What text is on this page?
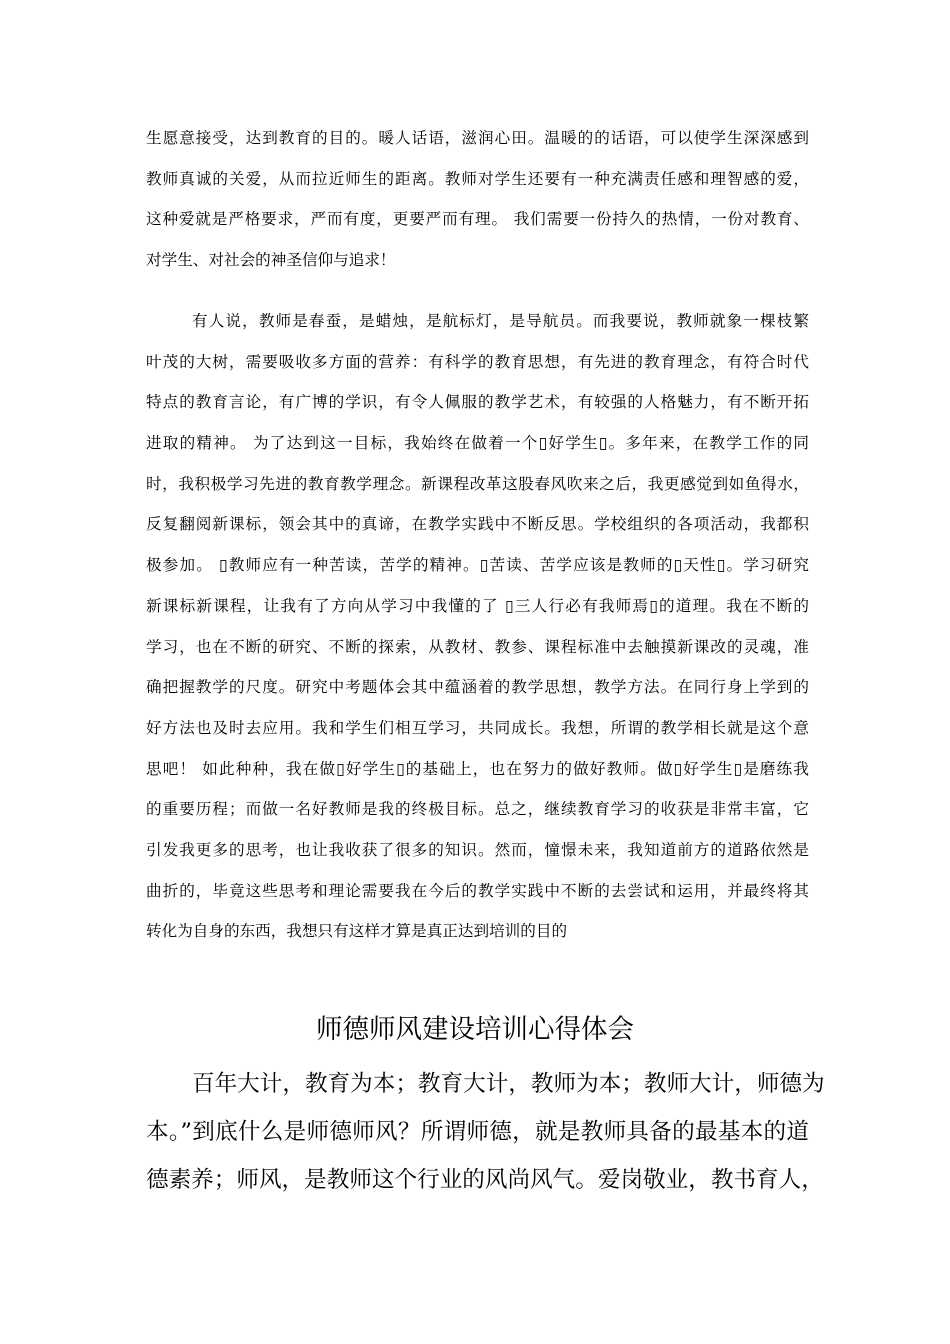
生愿意接受，达到教育的目的。暖人话语，滋润心田。温暖的的话语，可以使学生深深感到
教师真诚的关爱，从而拉近师生的距离。教师对学生还要有一种充满责任感和理智感的爱，
这种爱就是严格要求，严而有度，更要严而有理。 我们需要一份持久的热情，一份对教育、
对学生、对社会的神圣信仰与追求！
有人说，教师是春蚕，是蜡烛，是航标灯，是导航员。而我要说，教师就象一棵枝繁
叶茂的大树，需要吸收多方面的营养：有科学的教育思想，有先进的教育理念，有符合时代
特点的教育言论，有广博的学识，有令人佩服的教学艺术，有较强的人格魅力，有不断开拓
进取的精神。 为了达到这一目标，我始终在做着一个▯好学生▯。多年来，在教学工作的同
时，我积极学习先进的教育教学理念。新课程改革这股春风吹来之后，我更感觉到如鱼得水，
反复翻阅新课标，领会其中的真谛，在教学实践中不断反思。学校组织的各项活动，我都积
极参加。 ▯教师应有一种苦读，苦学的精神。▯苦读、苦学应该是教师的▯天性▯。学习研究
新课标新课程，让我有了方向从学习中我懂的了 ▯三人行必有我师焉▯的道理。我在不断的
学习，也在不断的研究、不断的探索，从教材、教参、课程标准中去触摸新课改的灵魂，准
确把握教学的尺度。研究中考题体会其中蕴涵着的教学思想，教学方法。在同行身上学到的
好方法也及时去应用。我和学生们相互学习，共同成长。我想，所谓的教学相长就是这个意
思吧！ 如此种种，我在做▯好学生▯的基础上，也在努力的做好教师。做▯好学生▯是磨练我
的重要历程；而做一名好教师是我的终极目标。总之，继续教育学习的收获是非常丰富，它
引发我更多的思考，也让我收获了很多的知识。然而，憧憬未来，我知道前方的道路依然是
曲折的，毕竟这些思考和理论需要我在今后的教学实践中不断的去尝试和运用，并最终将其
转化为自身的东西，我想只有这样才算是真正达到培训的目的
师德师风建设培训心得体会
百年大计，教育为本；教育大计，教师为本；教师大计，师德为
本。”到底什么是师德师风？所谓师德，就是教师具备的最基本的道
德素养；师风，是教师这个行业的风尚风气。爱岗敬业，教书育人，
